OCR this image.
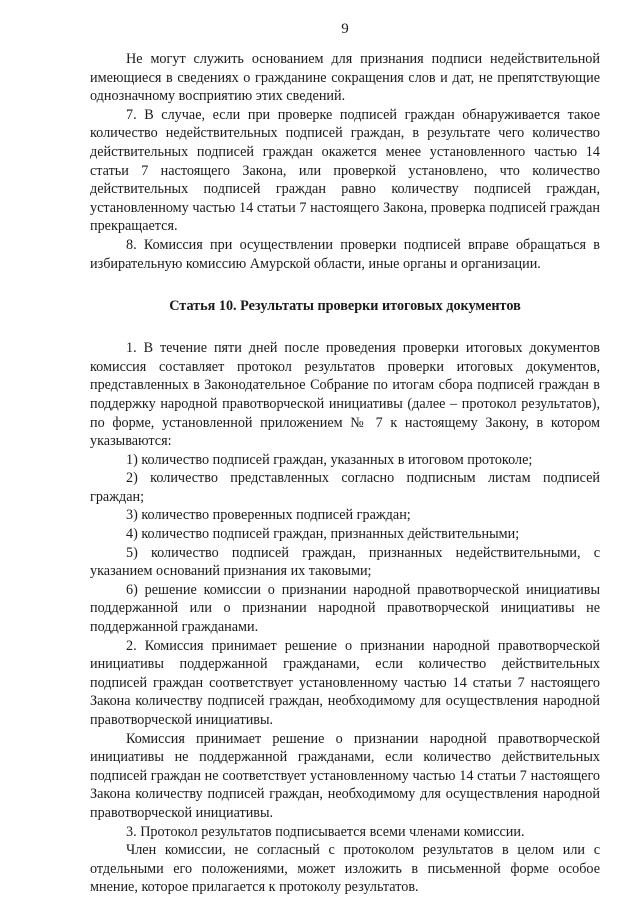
9

Не могут служить основанием для признания подписи недействительной имеющиеся в сведениях о гражданине сокращения слов и дат, не препятствующие однозначному восприятию этих сведений.

7. В случае, если при проверке подписей граждан обнаруживается такое количество недействительных подписей граждан, в результате чего количество действительных подписей граждан окажется менее установленного частью 14 статьи 7 настоящего Закона, или проверкой установлено, что количество действительных подписей граждан равно количеству подписей граждан, установленному частью 14 статьи 7 настоящего Закона, проверка подписей граждан прекращается.

8. Комиссия при осуществлении проверки подписей вправе обращаться в избирательную комиссию Амурской области, иные органы и организации.

Статья 10. Результаты проверки итоговых документов

1. В течение пяти дней после проведения проверки итоговых документов комиссия составляет протокол результатов проверки итоговых документов, представленных в Законодательное Собрание по итогам сбора подписей граждан в поддержку народной правотворческой инициативы (далее – протокол результатов), по форме, установленной приложением № 7 к настоящему Закону, в котором указываются:

1) количество подписей граждан, указанных в итоговом протоколе;

2) количество представленных согласно подписным листам подписей граждан;

3) количество проверенных подписей граждан;

4) количество подписей граждан, признанных действительными;

5) количество подписей граждан, признанных недействительными, с указанием оснований признания их таковыми;

6) решение комиссии о признании народной правотворческой инициативы поддержанной или о признании народной правотворческой инициативы не поддержанной гражданами.

2. Комиссия принимает решение о признании народной правотворческой инициативы поддержанной гражданами, если количество действительных подписей граждан соответствует установленному частью 14 статьи 7 настоящего Закона количеству подписей граждан, необходимому для осуществления народной правотворческой инициативы.

Комиссия принимает решение о признании народной правотворческой инициативы не поддержанной гражданами, если количество действительных подписей граждан не соответствует установленному частью 14 статьи 7 настоящего Закона количеству подписей граждан, необходимому для осуществления народной правотворческой инициативы.

3. Протокол результатов подписывается всеми членами комиссии.

Член комиссии, не согласный с протоколом результатов в целом или с отдельными его положениями, может изложить в письменной форме особое мнение, которое прилагается к протоколу результатов.
